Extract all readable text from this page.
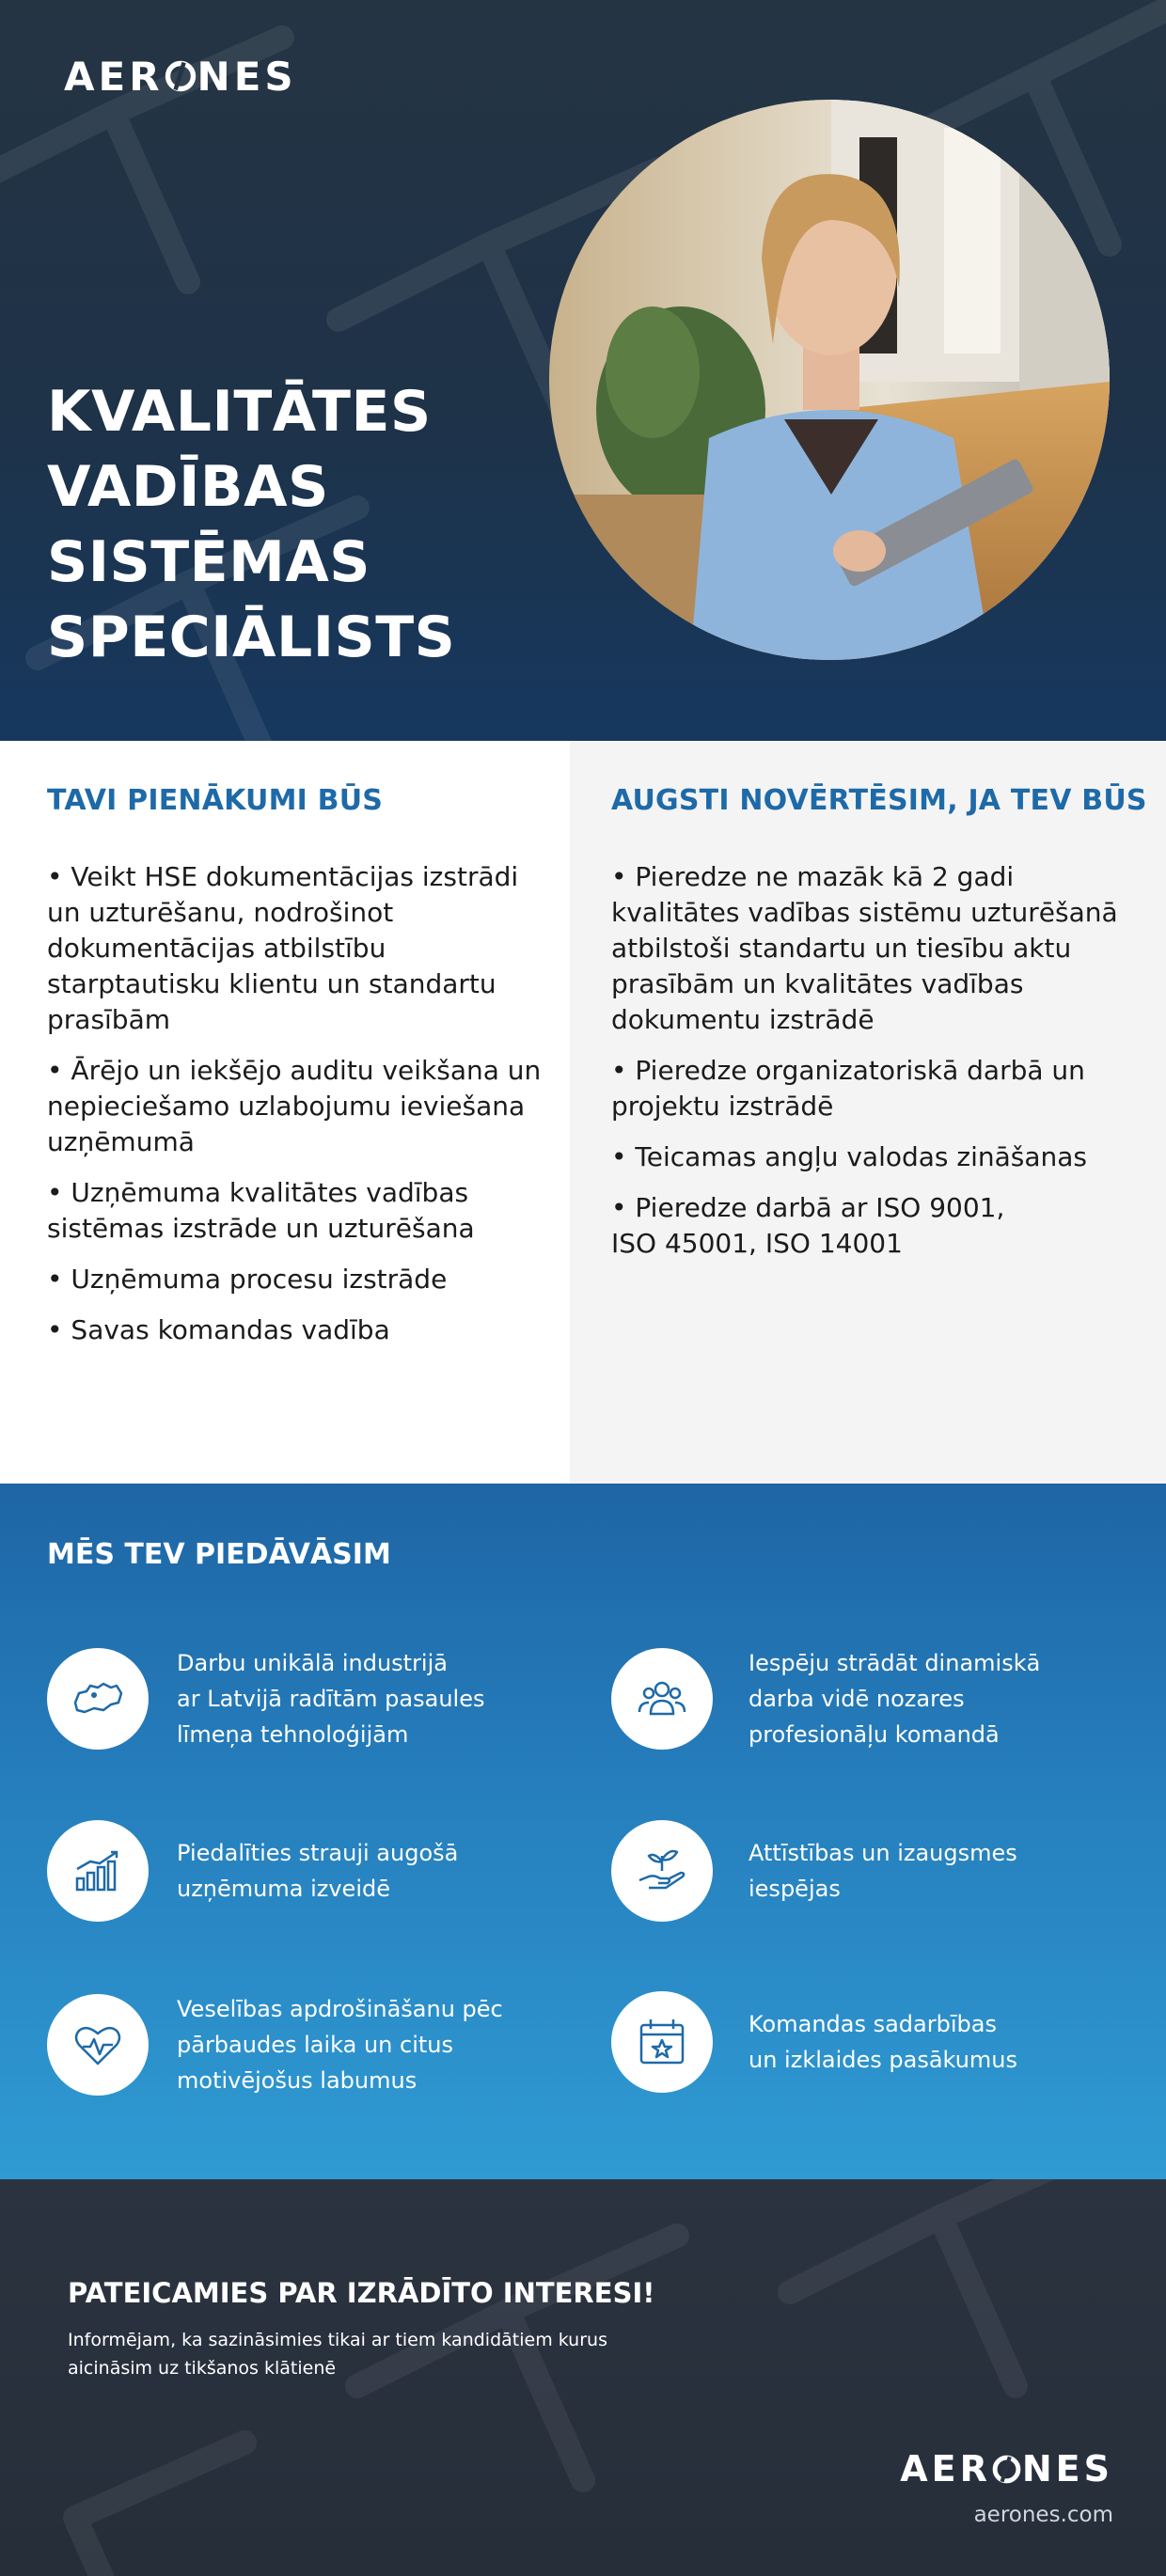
AER NES
KVALITĀTES
VADĪBAS
SISTĒMAS
SPECIĀLISTS
TAVI PIENĀKUMI BŪS
• Veikt HSE dokumentācijas izstrādi un uzturēšanu, nodrošinot dokumentācijas atbilstību starptautisku klientu un standartu prasībām
• Ārējo un iekšējo auditu veikšana un nepieciešamo uzlabojumu ieviešana uzņēmumā
• Uzņēmuma kvalitātes vadības sistēmas izstrāde un uzturēšana
• Uzņēmuma procesu izstrāde
• Savas komandas vadība
AUGSTI NOVĒRTĒSIM, JA TEV BŪS
• Pieredze ne mazāk kā 2 gadi kvalitātes vadības sistēmu uzturēšanā atbilstoši standartu un tiesību aktu prasībām un kvalitātes vadības dokumentu izstrādē
• Pieredze organizatoriskā darbā un projektu izstrādē
• Teicamas angļu valodas zināšanas
• Pieredze darbā ar ISO 9001,
ISO 45001, ISO 14001
MĒS TEV PIEDĀVĀSIM
Darbu unikālā industrijā
ar Latvijā radītām pasaules
līmeņa tehnoloģijām
Iespēju strādāt dinamiskā
darba vidē nozares
profesionāļu komandā
Piedalīties strauji augošā
uzņēmuma izveidē
Attīstības un izaugsmes
iespējas
Veselības apdrošināšanu pēc
pārbaudes laika un citus
motivējošus labumus
Komandas sadarbības
un izklaides pasākumus
PATEICAMIES PAR IZRĀDĪTO INTERESI!

Informējam, ka sazināsimies tikai ar tiem kandidātiem kurus
aicināsim uz tikšanos klātienē

AER NES
aerones.com
